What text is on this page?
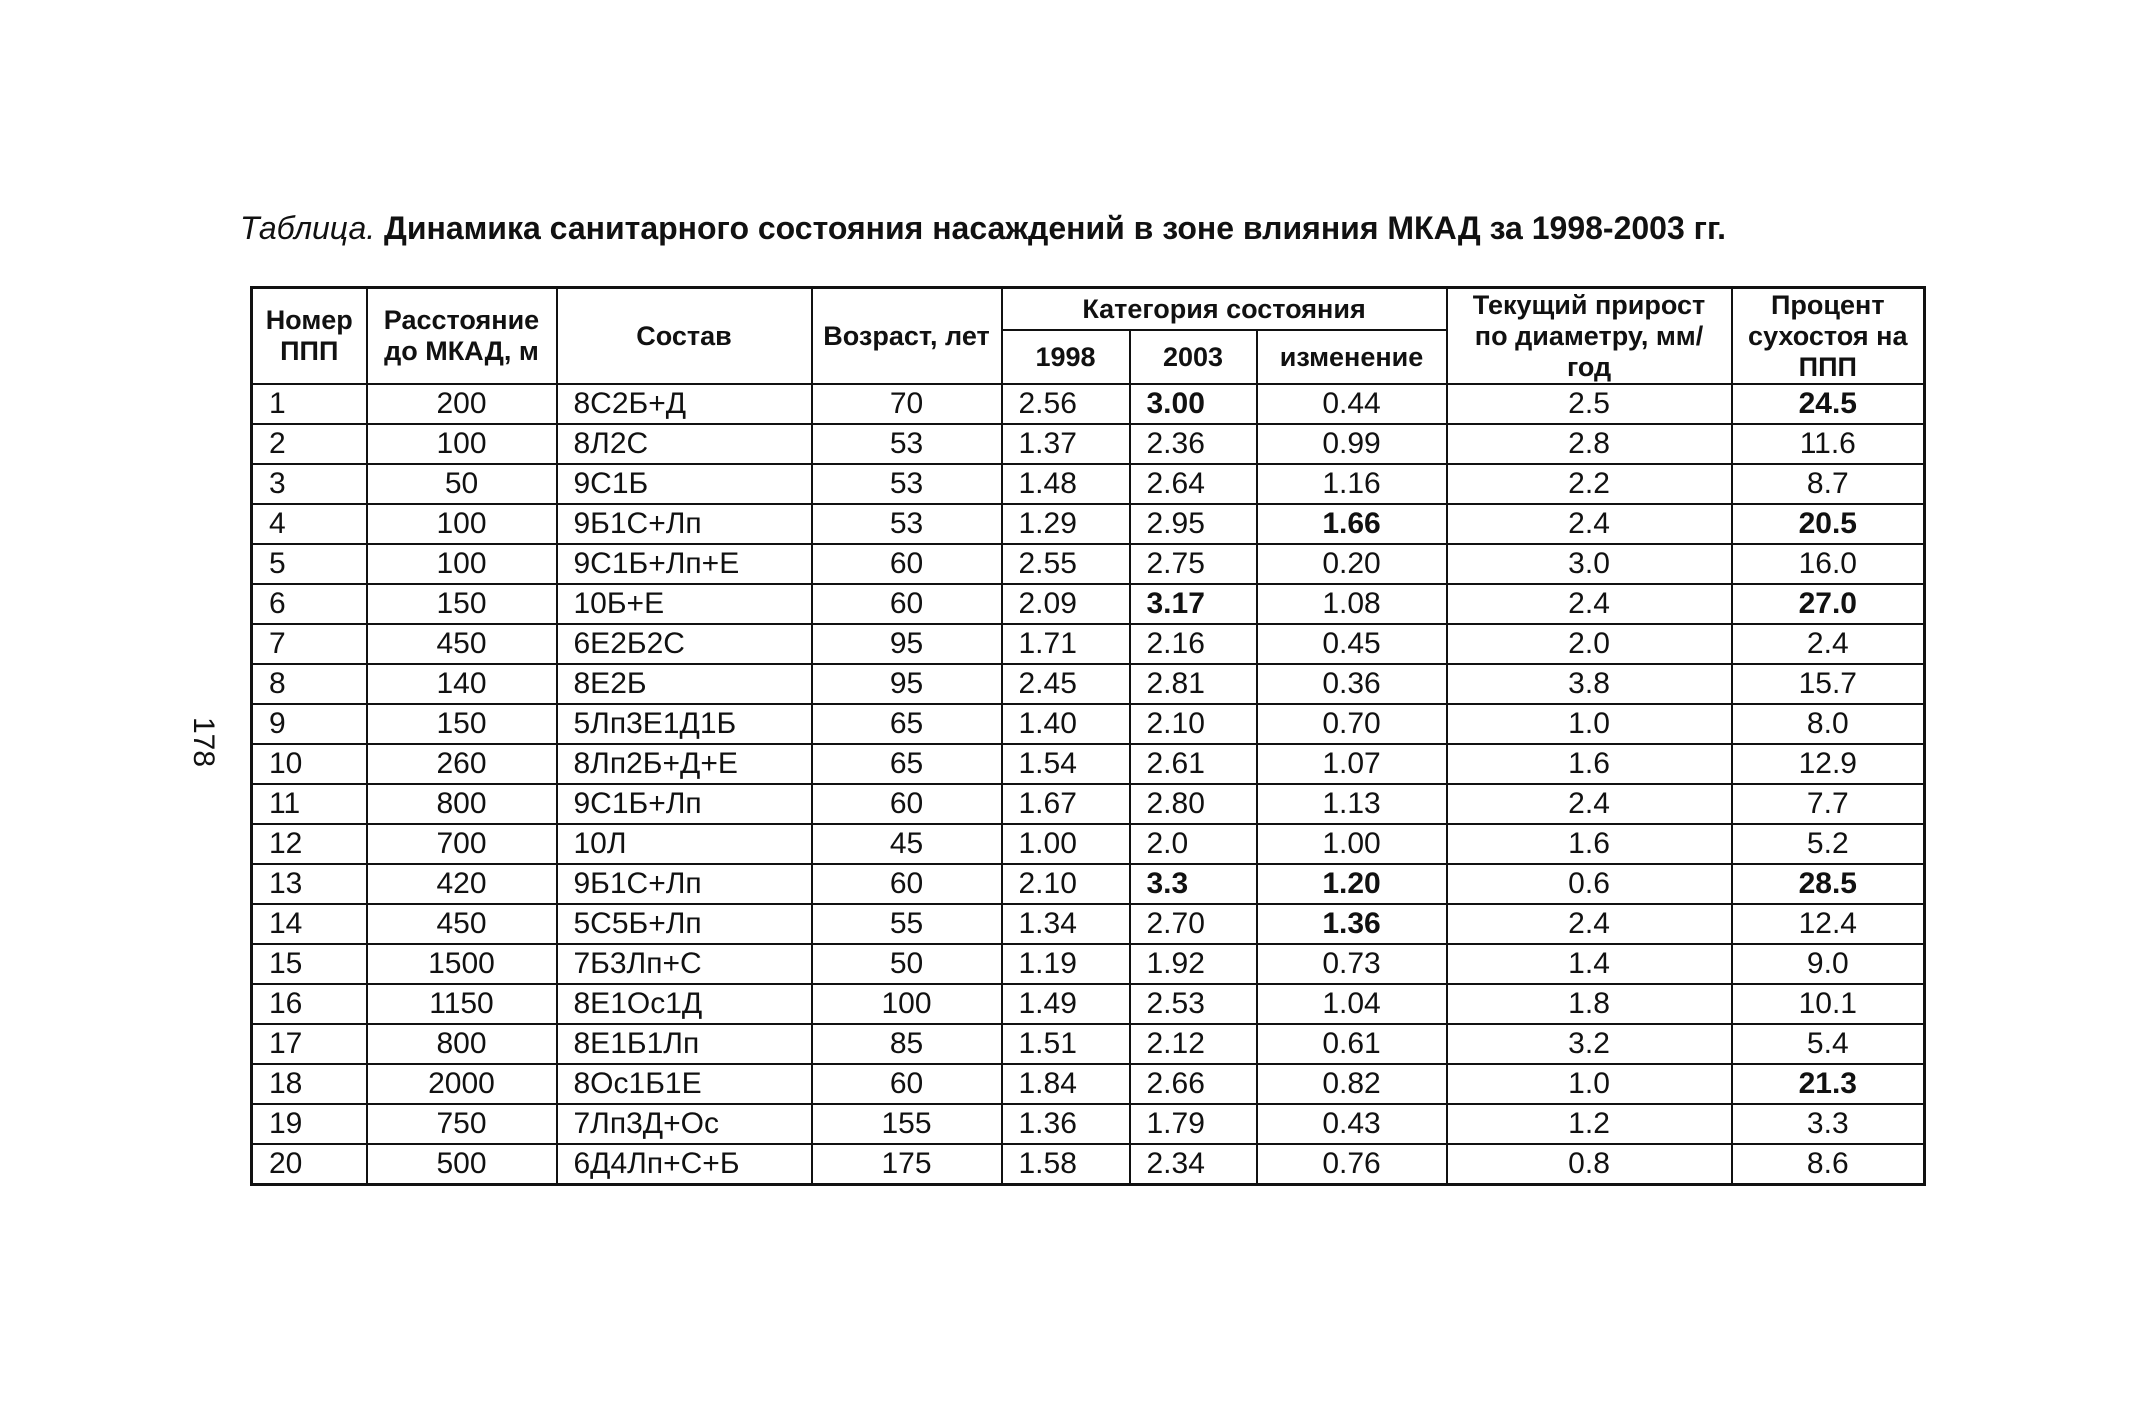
Таблица. Динамика санитарного состояния насаждений в зоне влияния МКАД за 1998-2003 гг.
178
Номер ППП	Расстояние до МКАД, м	Состав	Возраст, лет	Категория состояния			Текущий прирост по диаметру, мм/год	Процент сухостоя на ППП
				1998	2003	изменение		
1	200	8С2Б+Д	70	2.56	3.00	0.44	2.5	24.5
2	100	8Л2С	53	1.37	2.36	0.99	2.8	11.6
3	50	9С1Б	53	1.48	2.64	1.16	2.2	8.7
4	100	9Б1С+Лп	53	1.29	2.95	1.66	2.4	20.5
5	100	9С1Б+Лп+Е	60	2.55	2.75	0.20	3.0	16.0
6	150	10Б+Е	60	2.09	3.17	1.08	2.4	27.0
7	450	6Е2Б2С	95	1.71	2.16	0.45	2.0	2.4
8	140	8Е2Б	95	2.45	2.81	0.36	3.8	15.7
9	150	5Лп3Е1Д1Б	65	1.40	2.10	0.70	1.0	8.0
10	260	8Лп2Б+Д+Е	65	1.54	2.61	1.07	1.6	12.9
11	800	9С1Б+Лп	60	1.67	2.80	1.13	2.4	7.7
12	700	10Л	45	1.00	2.0	1.00	1.6	5.2
13	420	9Б1С+Лп	60	2.10	3.3	1.20	0.6	28.5
14	450	5С5Б+Лп	55	1.34	2.70	1.36	2.4	12.4
15	1500	7Б3Лп+С	50	1.19	1.92	0.73	1.4	9.0
16	1150	8Е1Ос1Д	100	1.49	2.53	1.04	1.8	10.1
17	800	8Е1Б1Лп	85	1.51	2.12	0.61	3.2	5.4
18	2000	8Ос1Б1Е	60	1.84	2.66	0.82	1.0	21.3
19	750	7Лп3Д+Ос	155	1.36	1.79	0.43	1.2	3.3
20	500	6Д4Лп+С+Б	175	1.58	2.34	0.76	0.8	8.6
